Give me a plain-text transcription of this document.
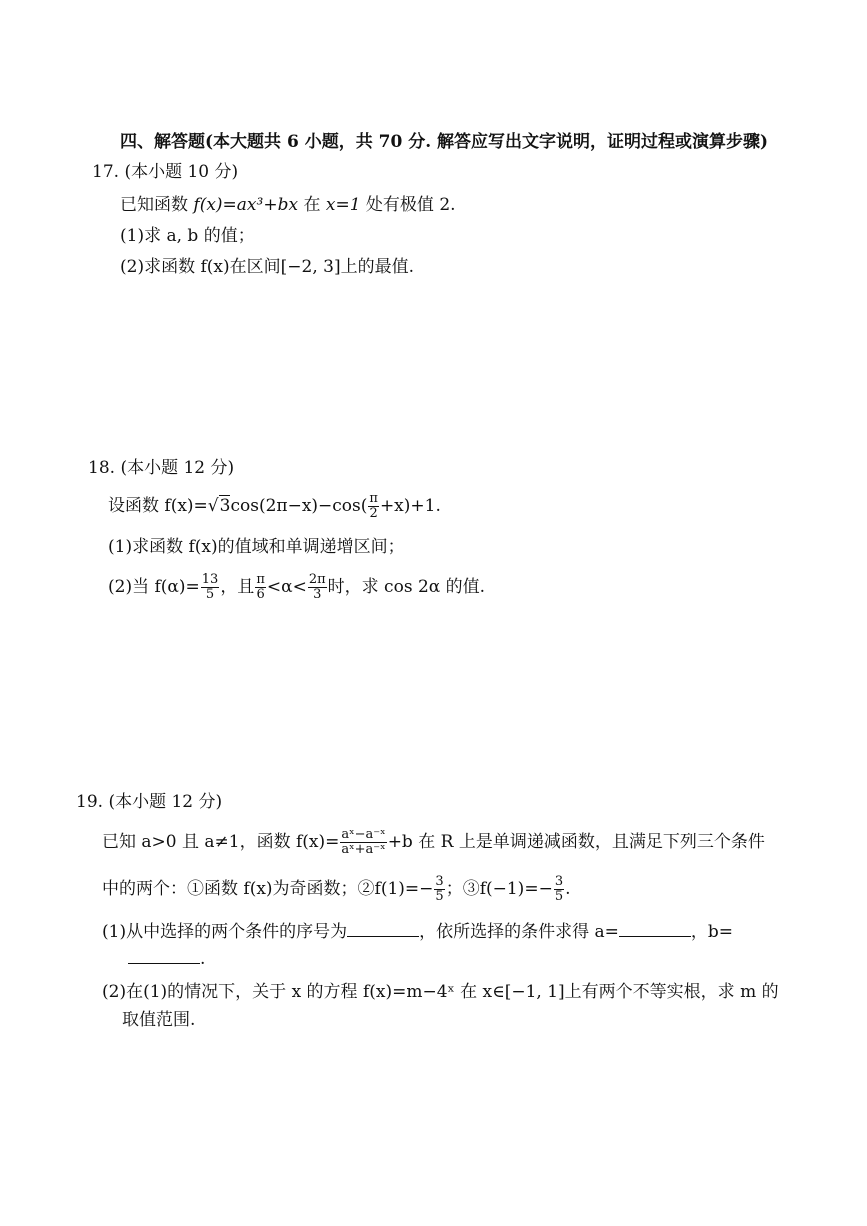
四、解答题(本大题共 6 小题，共 70 分. 解答应写出文字说明，证明过程或演算步骤)
17. (本小题 10 分)
已知函数 f(x)=ax³+bx 在 x=1 处有极值 2.
(1)求 a, b 的值；
(2)求函数 f(x)在区间[−2, 3]上的最值.
18. (本小题 12 分)
设函数 $f(x)=√3\cos(2\pi-x)-\cos( \frac{\pi}{2} +x)+1$.
(1)求函数 f(x)的值域和单调递增区间；
(2)当 $f(\alpha)= \frac{13}{5}$ ，且 $\frac{\pi}{6} <\alpha< \frac{2\pi}{3}$ 时，求 cos 2α 的值.
19. (本小题 12 分)
已知 a>0 且 a≠1，函数 $f(x)= \frac{\text{aˣ−a⁻ˣ}}{\text{aˣ+a⁻ˣ}} +b$ 在 R 上是单调递减函数，且满足下列三个条件
中的两个：①函数 f(x)为奇函数；②f(1)=− $\frac{3}{5}$ ；③f(−1)=− $\frac{3}{5}$ .
(1)从中选择的两个条件的序号为	，依所选择的条件求得 a=	，b=
.
(2)在(1)的情况下，关于 x 的方程 f(x)=m−4ˣ 在 x∈[−1, 1]上有两个不等实根，求 m 的
取值范围.
